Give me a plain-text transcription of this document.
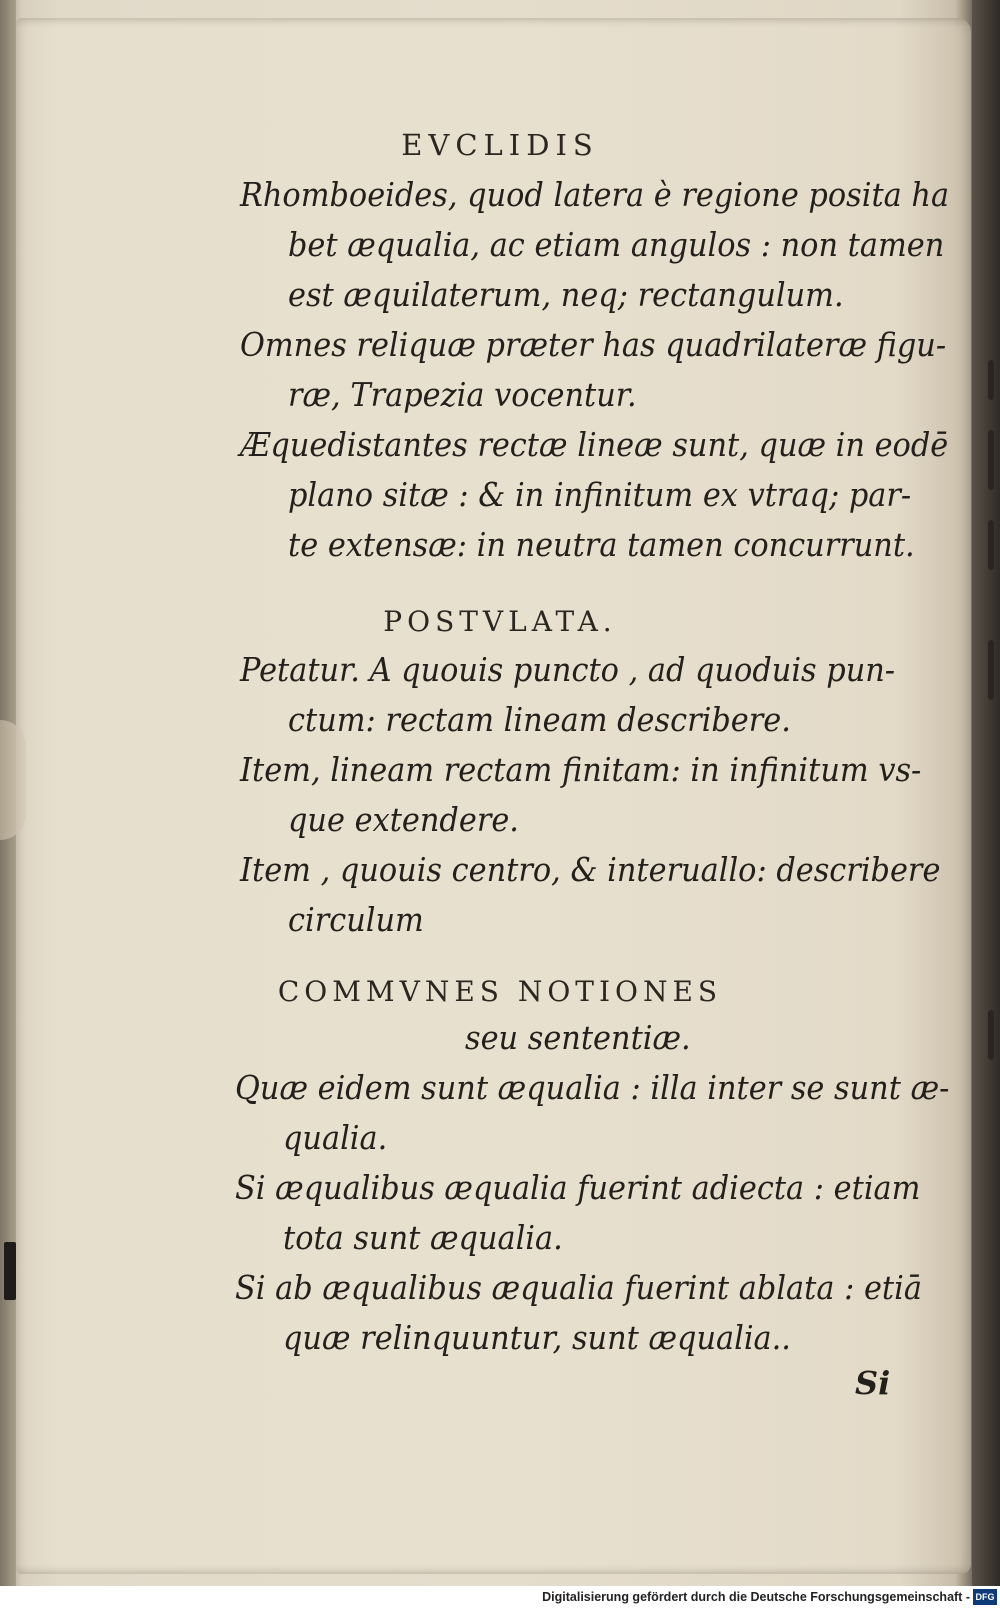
EVCLIDIS
Rhomboeides, quod latera è regione posita ha
bet æqualia, ac etiam angulos : non tamen
est æquilaterum, neq; rectangulum.
Omnes reliquæ præter has quadrilateræ figu-
ræ, Trapezia vocentur.
Æquedistantes rectæ lineæ sunt, quæ in eodē
plano sitæ : & in infinitum ex vtraq; par-
te extensæ: in neutra tamen concurrunt.
POSTVLATA.
Petatur. A quouis puncto , ad quoduis pun-
ctum: rectam lineam describere.
Item, lineam rectam finitam: in infinitum vs-
que extendere.
Item , quouis centro, & interuallo: describere
circulum
COMMVNES NOTIONES
seu sententiæ.
Quæ eidem sunt æqualia : illa inter se sunt æ-
qualia.
Si æqualibus æqualia fuerint adiecta : etiam
tota sunt æqualia.
Si ab æqualibus æqualia fuerint ablata : etiā
quæ relinquuntur, sunt æqualia..
Si
Digitalisierung gefördert durch die Deutsche Forschungsgemeinschaft - DFG
